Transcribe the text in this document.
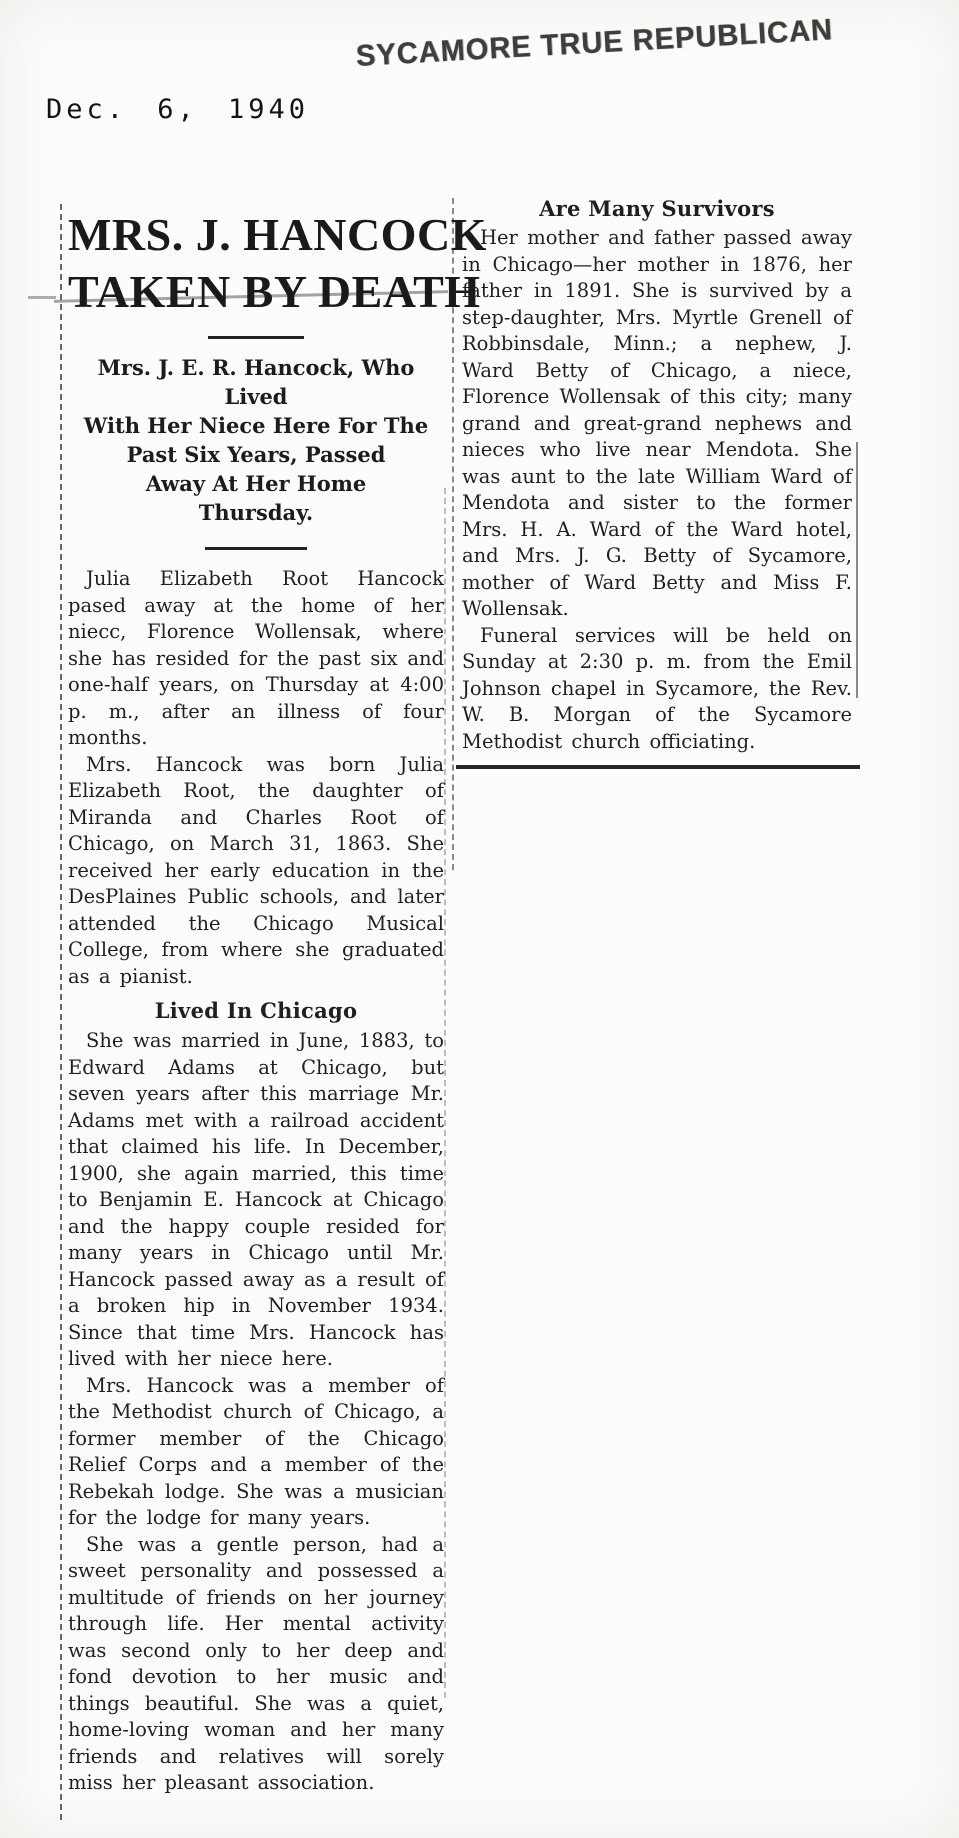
SYCAMORE TRUE REPUBLICAN
Dec. 6, 1940
MRS. J. HANCOCK
TAKEN BY DEATH
Mrs. J. E. R. Hancock, Who Lived
With Her Niece Here For The
Past Six Years, Passed
Away At Her Home
Thursday.

Julia Elizabeth Root Hancock pased away at the home of her niecc, Florence Wollensak, where she has resided for the past six and one-half years, on Thursday at 4:00 p. m., after an illness of four months.

Mrs. Hancock was born Julia Elizabeth Root, the daughter of Miranda and Charles Root of Chicago, on March 31, 1863. She received her early education in the DesPlaines Public schools, and later attended the Chicago Musical College, from where she graduated as a pianist.

Lived In Chicago

She was married in June, 1883, to Edward Adams at Chicago, but seven years after this marriage Mr. Adams met with a railroad accident that claimed his life. In December, 1900, she again married, this time to Benjamin E. Hancock at Chicago and the happy couple resided for many years in Chicago until Mr. Hancock passed away as a result of a broken hip in November 1934. Since that time Mrs. Hancock has lived with her niece here.

Mrs. Hancock was a member of the Methodist church of Chicago, a former member of the Chicago Relief Corps and a member of the Rebekah lodge. She was a musician for the lodge for many years.

She was a gentle person, had a sweet personality and possessed a multitude of friends on her journey through life. Her mental activity was second only to her deep and fond devotion to her music and things beautiful. She was a quiet, home-loving woman and her many friends and relatives will sorely miss her pleasant association.

Are Many Survivors

Her mother and father passed away in Chicago—her mother in 1876, her father in 1891. She is survived by a step-daughter, Mrs. Myrtle Grenell of Robbinsdale, Minn.; a nephew, J. Ward Betty of Chicago, a niece, Florence Wollensak of this city; many grand and great-grand nephews and nieces who live near Mendota. She was aunt to the late William Ward of Mendota and sister to the former Mrs. H. A. Ward of the Ward hotel, and Mrs. J. G. Betty of Sycamore, mother of Ward Betty and Miss F. Wollensak.

Funeral services will be held on Sunday at 2:30 p. m. from the Emil Johnson chapel in Sycamore, the Rev. W. B. Morgan of the Sycamore Methodist church officiating.
